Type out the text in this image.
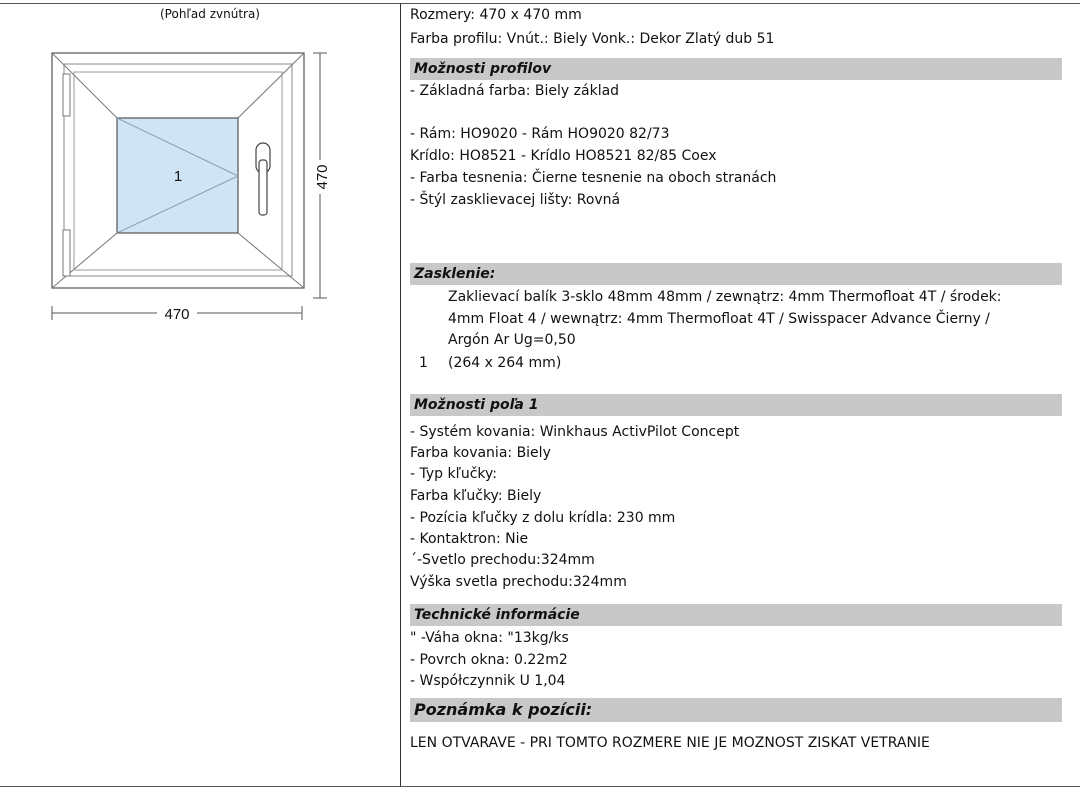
(Pohľad zvnútra)
1	470
470
Rozmery: 470 x 470 mm
Farba profilu: Vnút.: Biely Vonk.: Dekor Zlatý dub 51
Možnosti profilov
- Základná farba: Biely základ
- Rám: HO9020 - Rám HO9020 82/73
Krídlo: HO8521 - Krídlo HO8521 82/85 Coex
- Farba tesnenia: Čierne tesnenie na oboch stranách
- Štýl zasklievacej lišty: Rovná
Zasklenie:
Zaklievací balík 3-sklo 48mm 48mm / zewnątrz: 4mm Thermofloat 4T / środek:
4mm Float 4 / wewnątrz: 4mm Thermofloat 4T / Swisspacer Advance Čierny /
Argón Ar Ug=0,50
1 (264 x 264 mm)
Možnosti poľa 1
- Systém kovania: Winkhaus ActivPilot Concept
Farba kovania: Biely
- Typ kľučky:
Farba kľučky: Biely
- Pozícia kľučky z dolu krídla: 230 mm
- Kontaktron: Nie
´-Svetlo prechodu:324mm
Výška svetla prechodu:324mm
Technické informácie
" -Váha okna: "13kg/ks
- Povrch okna: 0.22m2
- Współczynnik U 1,04
Poznámka k pozícii:
LEN OTVARAVE - PRI TOMTO ROZMERE NIE JE MOZNOST ZISKAT VETRANIE
